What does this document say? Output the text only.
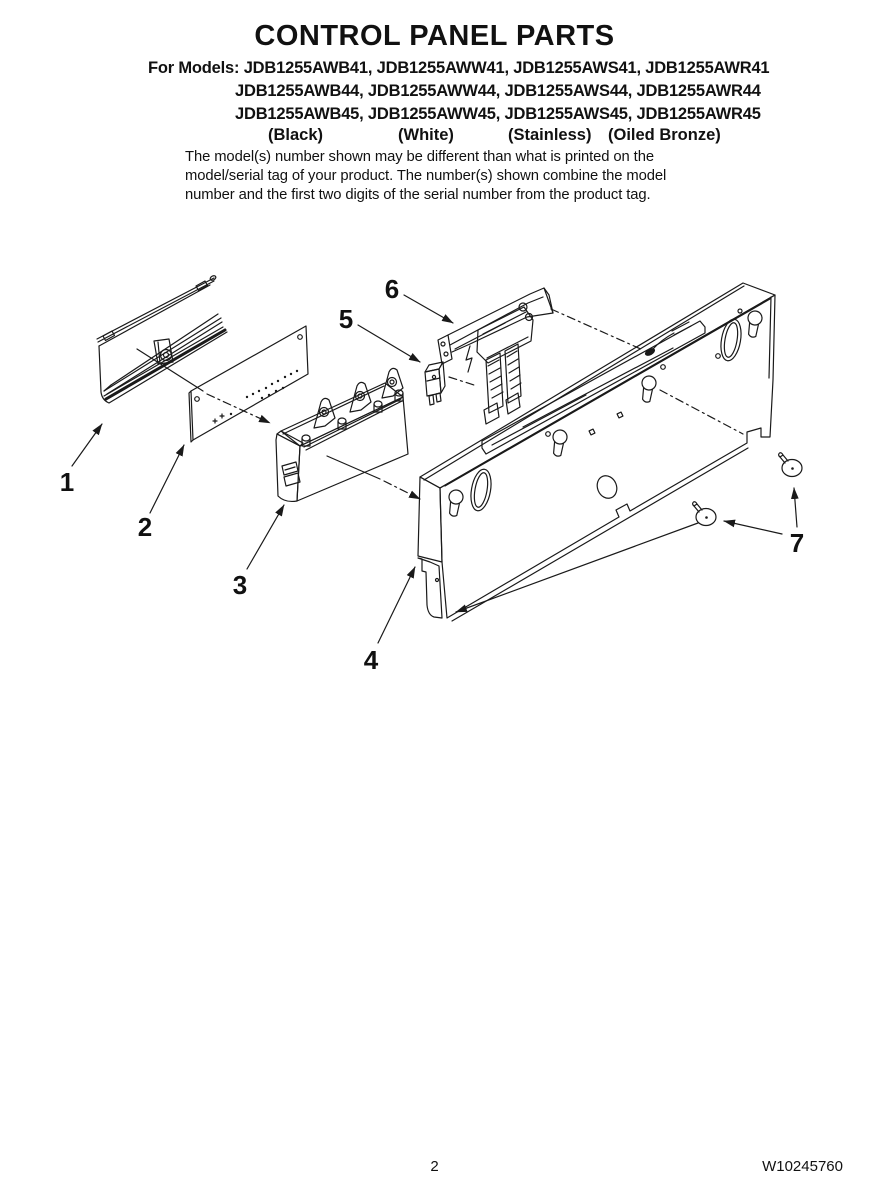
CONTROL PANEL PARTS
For Models: JDB1255AWB41, JDB1255AWW41, JDB1255AWS41, JDB1255AWR41
JDB1255AWB44, JDB1255AWW44, JDB1255AWS44, JDB1255AWR44
JDB1255AWB45, JDB1255AWW45, JDB1255AWS45, JDB1255AWR45
(Black)	(White)	(Stainless) (Oiled Bronze)
The model(s) number shown may be different than what is printed on the
model/serial tag of your product. The number(s) shown combine the model
number and the first two digits of the serial number from the product tag.
1
2
3
4
5
6
7
2	W10245760
